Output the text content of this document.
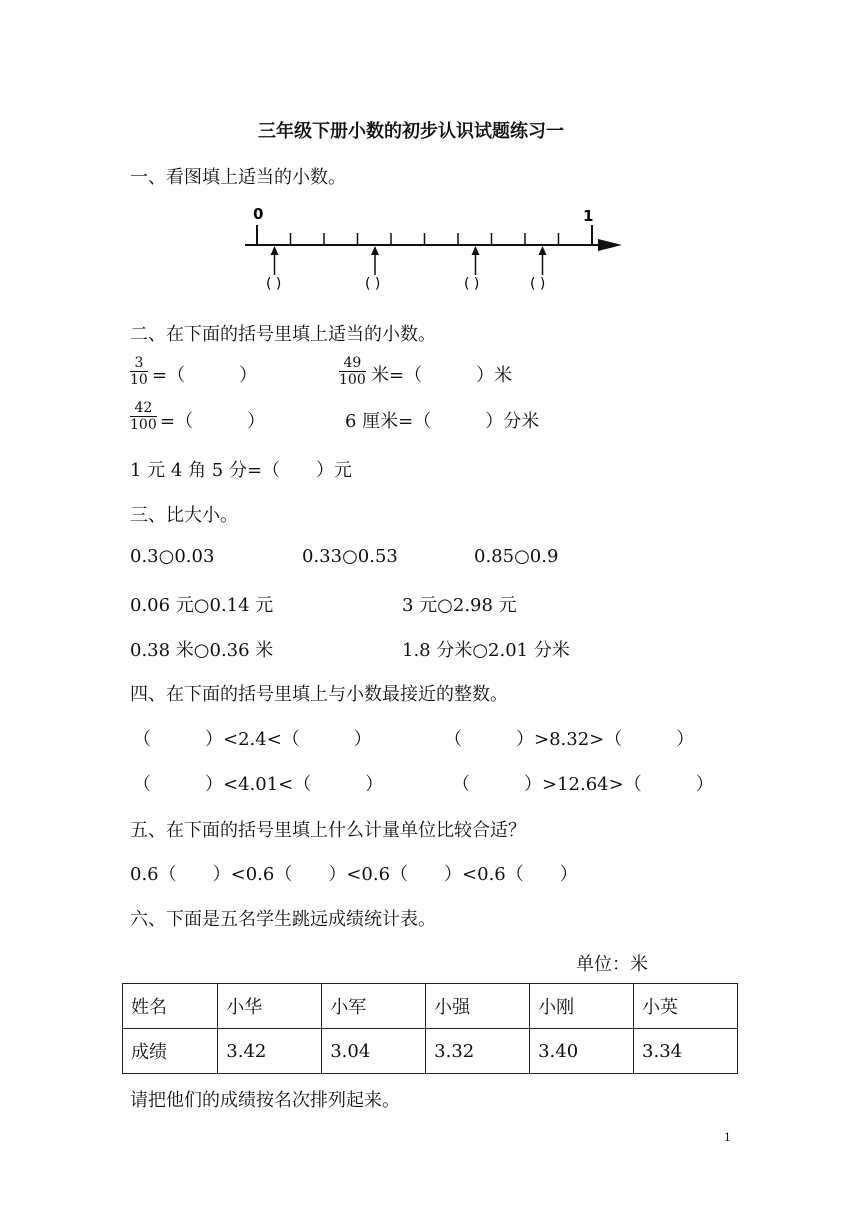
三年级下册小数的初步认识试题练习一
一、看图填上适当的小数。
0	1
( )	( )	( )	( )
二、在下面的括号里填上适当的小数。
$\frac{3}{10}$ =（　　　）	$\frac{49}{100}$ 米=（　　　）米
$\frac{42}{100}$ =（　　　）	6 厘米=（　　　）分米
1 元 4 角 5 分=（　　）元
三、比大小。
0.3○0.03	0.33○0.53	0.85○0.9
0.06 元○0.14 元	3 元○2.98 元
0.38 米○0.36 米	1.8 分米○2.01 分米
四、在下面的括号里填上与小数最接近的整数。
（　　　）<2.4<（　　　）	（　　　）>8.32>（　　　）
（　　　）<4.01<（　　　）	（　　　）>12.64>（　　　）
五、在下面的括号里填上什么计量单位比较合适？
0.6（　　）<0.6（　　）<0.6（　　）<0.6（　　）
六、下面是五名学生跳远成绩统计表。
单位：米
姓名	小华	小军	小强	小刚	小英
成绩	3.42	3.04	3.32	3.40	3.34
请把他们的成绩按名次排列起来。
1
